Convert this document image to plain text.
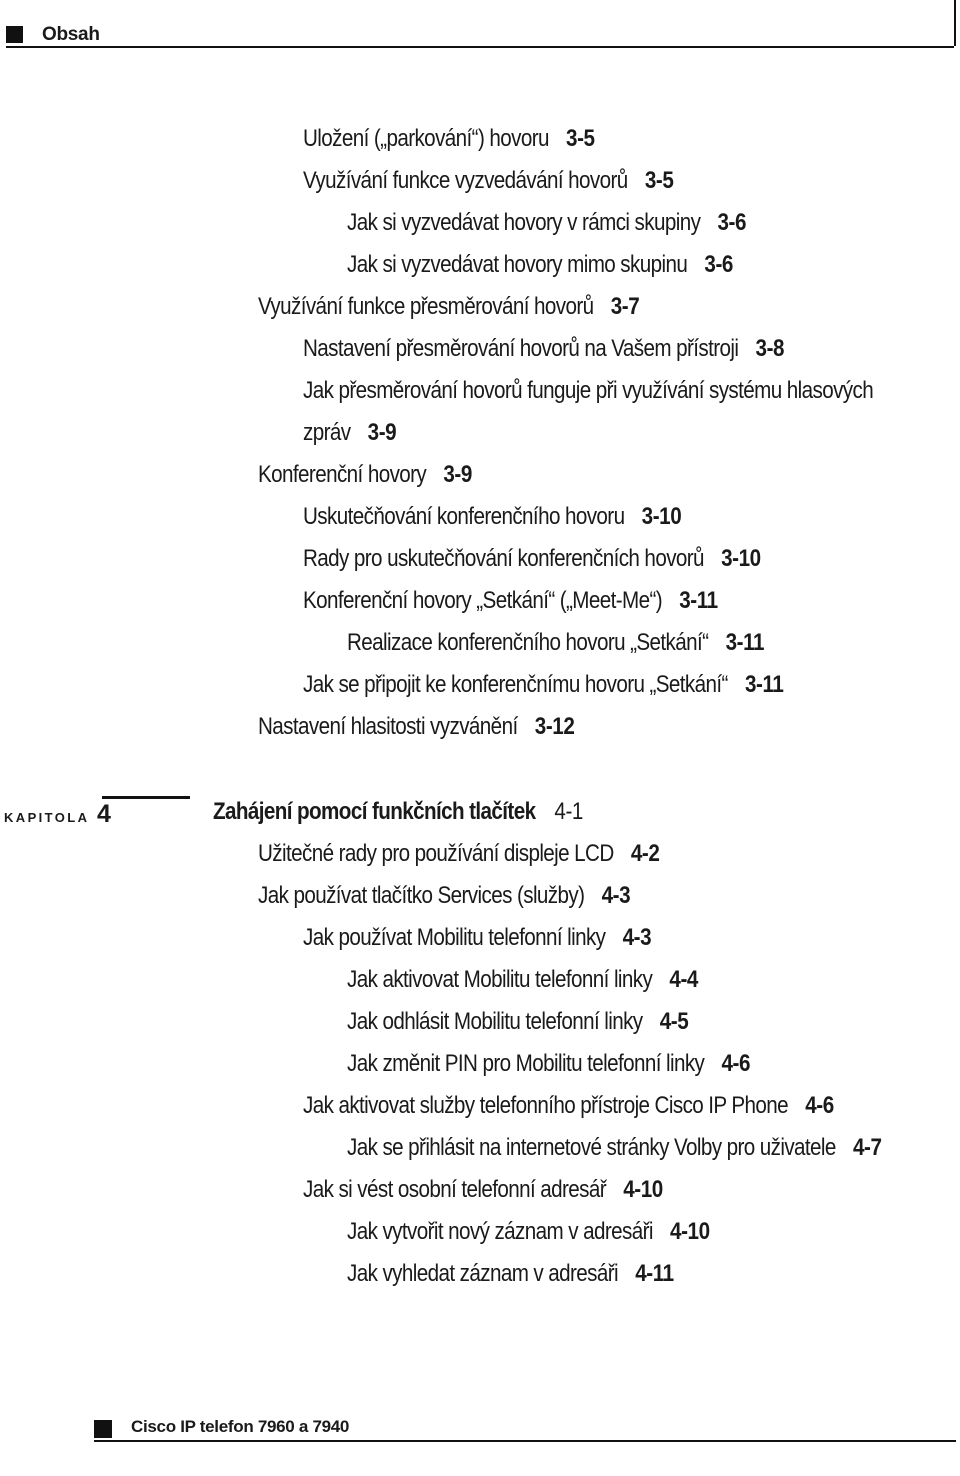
Obsah
Uložení („parkování“) hovoru 3-5
Využívání funkce vyzvedávání hovorů 3-5
Jak si vyzvedávat hovory v rámci skupiny 3-6
Jak si vyzvedávat hovory mimo skupinu 3-6
Využívání funkce přesměrování hovorů 3-7
Nastavení přesměrování hovorů na Vašem přístroji 3-8
Jak přesměrování hovorů funguje při využívání systému hlasových
zpráv 3-9
Konferenční hovory 3-9
Uskutečňování konferenčního hovoru 3-10
Rady pro uskutečňování konferenčních hovorů 3-10
Konferenční hovory „Setkání“ („Meet-Me“) 3-11
Realizace konferenčního hovoru „Setkání“ 3-11
Jak se připojit ke konferenčnímu hovoru „Setkání“ 3-11
Nastavení hlasitosti vyzvánění 3-12
Zahájení pomocí funkčních tlačítek 4-1
Užitečné rady pro používání displeje LCD 4-2
Jak používat tlačítko Services (služby) 4-3
Jak používat Mobilitu telefonní linky 4-3
Jak aktivovat Mobilitu telefonní linky 4-4
Jak odhlásit Mobilitu telefonní linky 4-5
Jak změnit PIN pro Mobilitu telefonní linky 4-6
Jak aktivovat služby telefonního přístroje Cisco IP Phone 4-6
Jak se přihlásit na internetové stránky Volby pro uživatele 4-7
Jak si vést osobní telefonní adresář 4-10
Jak vytvořit nový záznam v adresáři 4-10
Jak vyhledat záznam v adresáři 4-11
KAPITOLA 4
Cisco IP telefon 7960 a 7940
